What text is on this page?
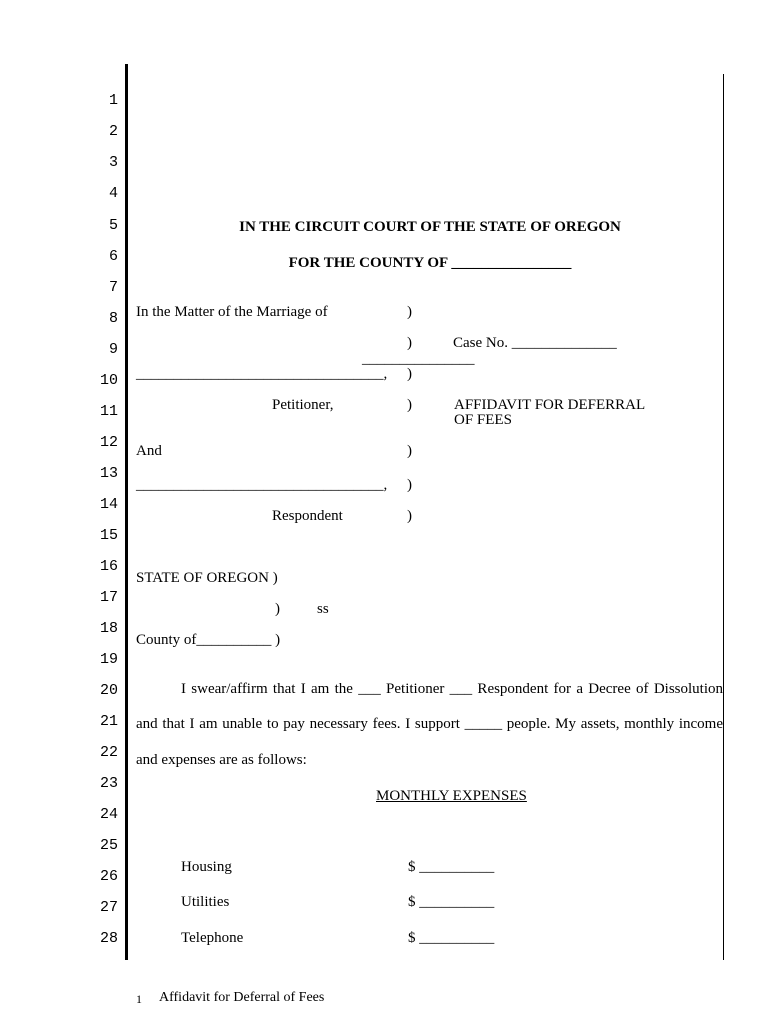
1
2
3
4
5
6
7
8
9
10
11
12
13
14
15
16
17
18
19
20
21
22
23
24
25
26
27
28
IN THE CIRCUIT COURT OF THE STATE OF OREGON
FOR THE COUNTY OF ________________
In the Matter of the Marriage of	)
)	Case No. ______________
_______________
_________________________________, )
Petitioner,	)	AFFIDAVIT FOR DEFERRAL
OF FEES
And	)
_________________________________, )
Respondent	)
STATE OF OREGON )
) ss
County of__________ )
I swear/affirm that I am the ___ Petitioner ___ Respondent for a Decree of Dissolution
and that I am unable to pay necessary fees. I support _____ people. My assets, monthly income
and expenses are as follows:
MONTHLY EXPENSES
Housing	$ __________
Utilities	$ __________
Telephone	$ __________
1 Affidavit for Deferral of Fees
